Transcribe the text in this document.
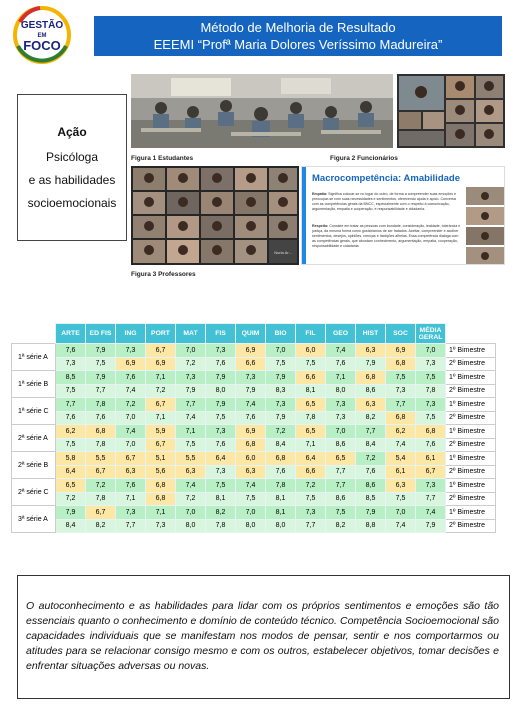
GESTÃO
EM
FOCO
Método de Melhoria de Resultado
EEEMI “Profª Maria Dolores Veríssimo Madureira”
Ação
Psicóloga
e as habilidades
socioemocionais
Figura 1 Estudantes	Figura 2 Funcionários
Nuria Ar...
Figura 3 Professores
Macrocompetência: Amabilidade
Empatia: Significa colocar-se no lugar do outro, de forma a compreender suas emoções e preocupar-se com suas necessidades e sentimentos, oferecendo ajuda e apoio. Conversa com as competências gerais da BNCC, especialmente com o respeito à comunicação, argumentação, empatia e cooperação, e responsabilidade e cidadania.
Respeito: Consiste em tratar as pessoas com bondade, consideração, lealdade, tolerância e justiça, da mesma forma como gostaríamos de ser tratados. Aceitar, compreender e acolher sentimentos, desejos, opiniões, crenças e tradições alheias. Essa competência dialoga com as competências gerais, que abordam conhecimento, argumentação, empatia, cooperação, responsabilidade e cidadania.

	ARTE	ED FIS	ING	PORT	MAT	FIS	QUIM	BIO	FIL	GEO	HIST	SOC	MÉDIA GERAL	
1ª série A	7,6	7,9	7,3	6,7	7,0	7,3	6,9	7,0	6,0	7,4	6,3	6,9	7,0	1º Bimestre
	7,3	7,5	6,9	6,9	7,2	7,6	6,6	7,5	7,5	7,6	7,9	6,8	7,3	2º Bimestre
1ª série B	8,5	7,9	7,6	7,1	7,3	7,9	7,3	7,9	6,6	7,1	6,8	7,5	7,5	1º Bimestre
	7,5	7,7	7,4	7,2	7,9	8,0	7,9	8,3	8,1	8,0	8,6	7,3	7,8	2º Bimestre
1ª série C	7,7	7,8	7,2	6,7	7,7	7,9	7,4	7,3	6,5	7,3	6,3	7,7	7,3	1º Bimestre
	7,6	7,6	7,0	7,1	7,4	7,5	7,6	7,9	7,8	7,3	8,2	6,8	7,5	2º Bimestre
2ª série A	6,2	6,8	7,4	5,9	7,1	7,3	6,9	7,2	6,5	7,0	7,7	6,2	6,8	1º Bimestre
	7,5	7,8	7,0	6,7	7,5	7,6	6,8	8,4	7,1	8,6	8,4	7,4	7,6	2º Bimestre
2ª série B	5,8	5,5	6,7	5,1	5,5	6,4	6,0	6,8	6,4	6,5	7,2	5,4	6,1	1º Bimestre
	6,4	6,7	6,3	5,6	6,3	7,3	6,3	7,6	6,6	7,7	7,6	6,1	6,7	2º Bimestre
2ª série C	6,5	7,2	7,6	6,8	7,4	7,5	7,4	7,8	7,2	7,7	8,6	6,3	7,3	1º Bimestre
	7,2	7,8	7,1	6,8	7,2	8,1	7,5	8,1	7,5	8,6	8,5	7,5	7,7	2º Bimestre
3ª série A	7,9	6,7	7,3	7,1	7,0	8,2	7,0	8,1	7,3	7,5	7,9	7,0	7,4	1º Bimestre
	8,4	8,2	7,7	7,3	8,0	7,8	8,0	8,0	7,7	8,2	8,8	7,4	7,9	2º Bimestre
O autoconhecimento e as habilidades para lidar com os próprios sentimentos e emoções são tão essenciais quanto o conhecimento e domínio de conteúdo técnico. Competência Socioemocional são capacidades individuais que se manifestam nos modos de pensar, sentir e nos comportarmos ou atitudes para se relacionar consigo mesmo e com os outros, estabelecer objetivos, tomar decisões e enfrentar situações adversas ou novas.
